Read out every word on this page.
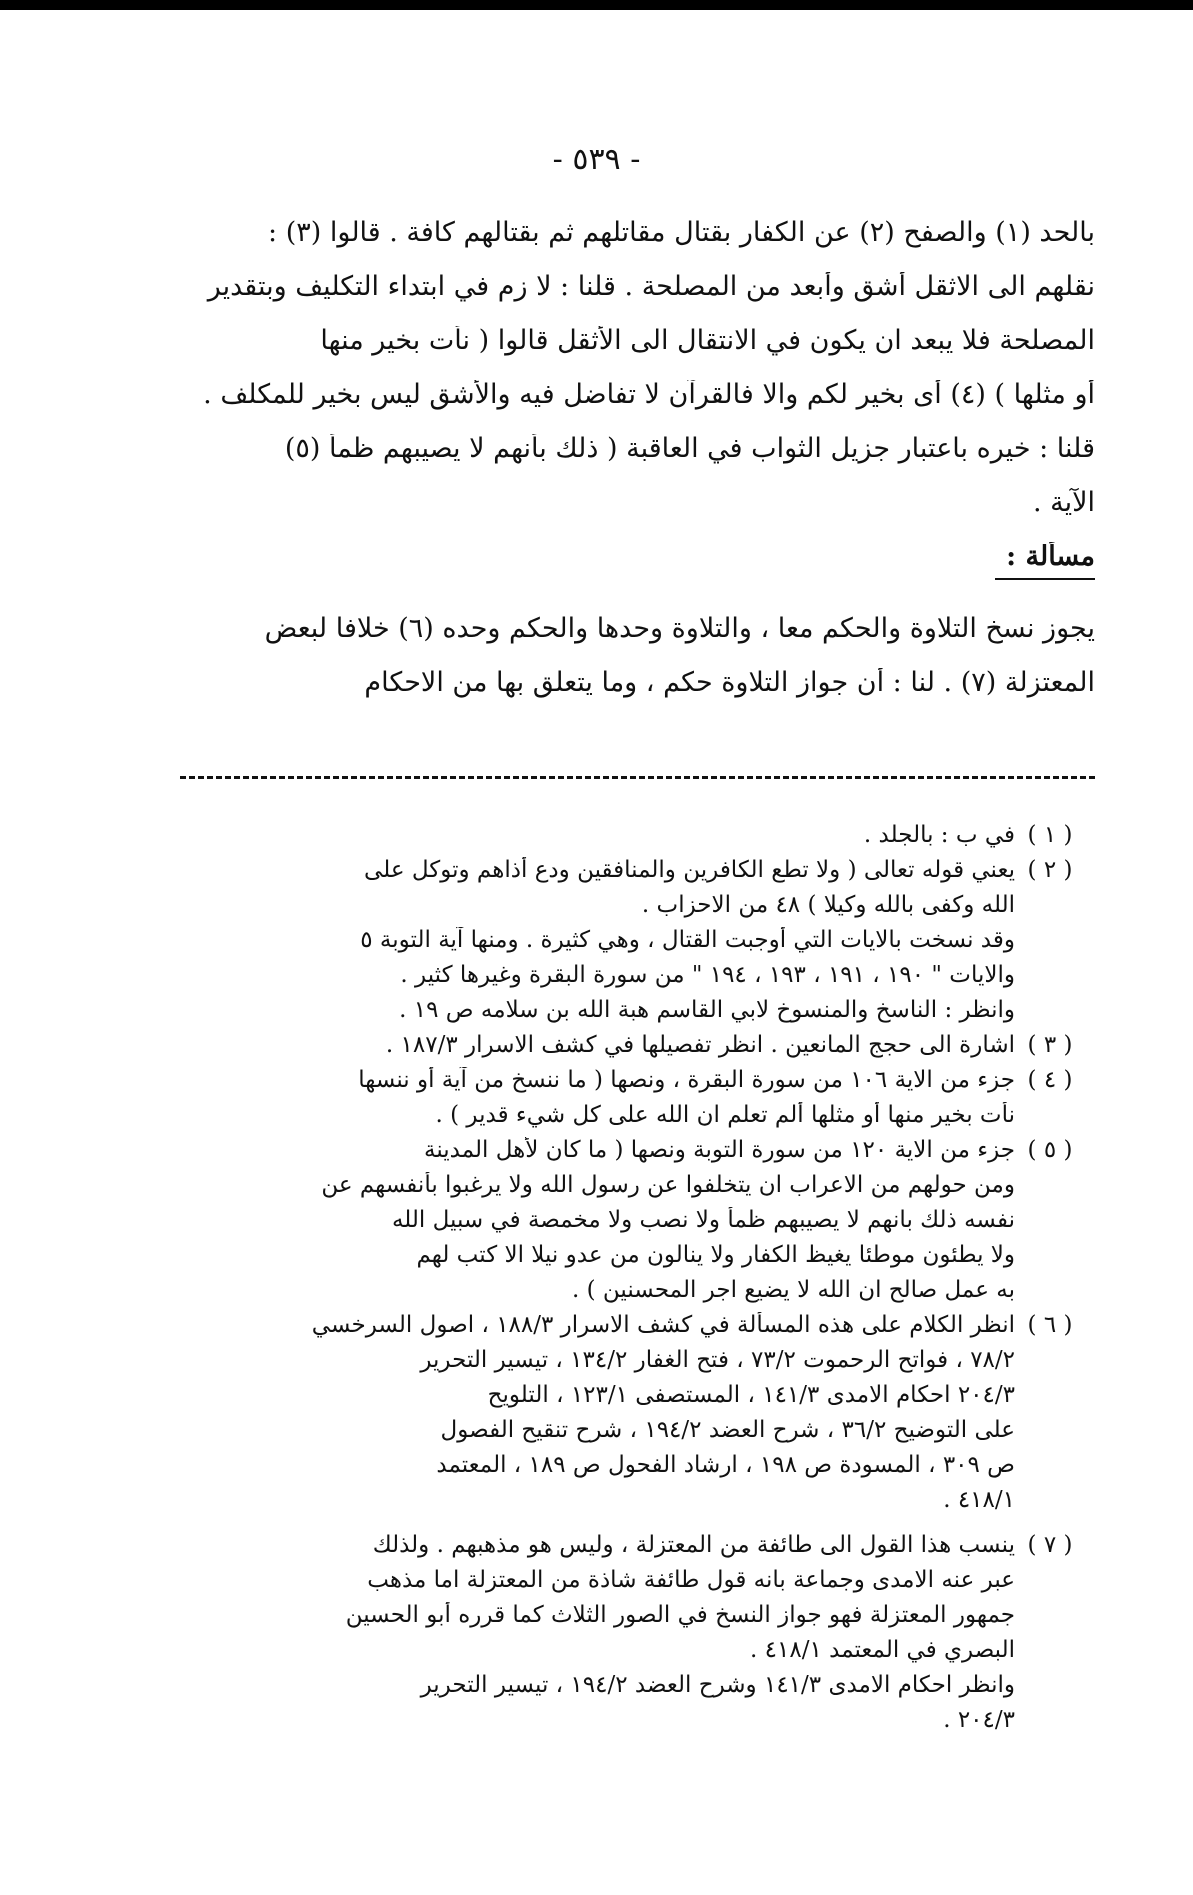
- ٥٣٩ -
بالحد (١) والصفح (٢) عن الكفار بقتال مقاتلهم ثم بقتالهم كافة . قالوا (٣) :
نقلهم الى الاثقل أشق وأبعد من المصلحة . قلنا : لا زم في ابتداء التكليف وبتقدير
المصلحة فلا يبعد ان يكون في الانتقال الى الأثقل قالوا ( نأت بخير منها
أو مثلها ) (٤) أى بخير لكم والا فالقرآن لا تفاضل فيه والأشق ليس بخير للمكلف .
قلنا : خيره باعتبار جزيل الثواب في العاقبة ( ذلك بأنهم لا يصيبهم ظمأ (٥)
الآية .
مسألة :
يجوز نسخ التلاوة والحكم معا ، والتلاوة وحدها والحكم وحده (٦) خلافا لبعض
المعتزلة (٧) . لنا : أن جواز التلاوة حكم ، وما يتعلق بها من الاحكام
( ١ )
في ب : بالجلد .
( ٢ )
يعني قوله تعالى ( ولا تطع الكافرين والمنافقين ودع أذاهم وتوكل على
الله وكفى بالله وكيلا ) ٤٨ من الاحزاب .
وقد نسخت بالايات التي أوجبت القتال ، وهي كثيرة . ومنها آية التوبة ٥
والايات " ١٩٠ ، ١٩١ ، ١٩٣ ، ١٩٤ " من سورة البقرة وغيرها كثير .
وانظر : الناسخ والمنسوخ لابي القاسم هبة الله بن سلامه ص ١٩ .
( ٣ )
اشارة الى حجج المانعين . انظر تفصيلها في كشف الاسرار ١٨٧/٣ .
( ٤ )
جزء من الاية ١٠٦ من سورة البقرة ، ونصها ( ما ننسخ من آية أو ننسها
نأت بخير منها أو مثلها ألم تعلم ان الله على كل شيء قدير ) .
( ٥ )
جزء من الاية ١٢٠ من سورة التوبة ونصها ( ما كان لأهل المدينة
ومن حولهم من الاعراب ان يتخلفوا عن رسول الله ولا يرغبوا بأنفسهم عن
نفسه ذلك بانهم لا يصيبهم ظمأ ولا نصب ولا مخمصة في سبيل الله
ولا يطئون موطئا يغيظ الكفار ولا ينالون من عدو نيلا الا كتب لهم
به عمل صالح ان الله لا يضيع اجر المحسنين ) .
( ٦ )
انظر الكلام على هذه المسألة في كشف الاسرار ١٨٨/٣ ، اصول السرخسي
٧٨/٢ ، فواتح الرحموت ٧٣/٢ ، فتح الغفار ١٣٤/٢ ، تيسير التحرير
٢٠٤/٣ احكام الامدى ١٤١/٣ ، المستصفى ١٢٣/١ ، التلويح
على التوضيح ٣٦/٢ ، شرح العضد ١٩٤/٢ ، شرح تنقيح الفصول
ص ٣٠٩ ، المسودة ص ١٩٨ ، ارشاد الفحول ص ١٨٩ ، المعتمد
٤١٨/١ .
( ٧ )
ينسب هذا القول الى طائفة من المعتزلة ، وليس هو مذهبهم . ولذلك
عبر عنه الامدى وجماعة بانه قول طائفة شاذة من المعتزلة اما مذهب
جمهور المعتزلة فهو جواز النسخ في الصور الثلاث كما قرره أبو الحسين
البصري في المعتمد ٤١٨/١ .
وانظر احكام الامدى ١٤١/٣ وشرح العضد ١٩٤/٢ ، تيسير التحرير
٢٠٤/٣ .
